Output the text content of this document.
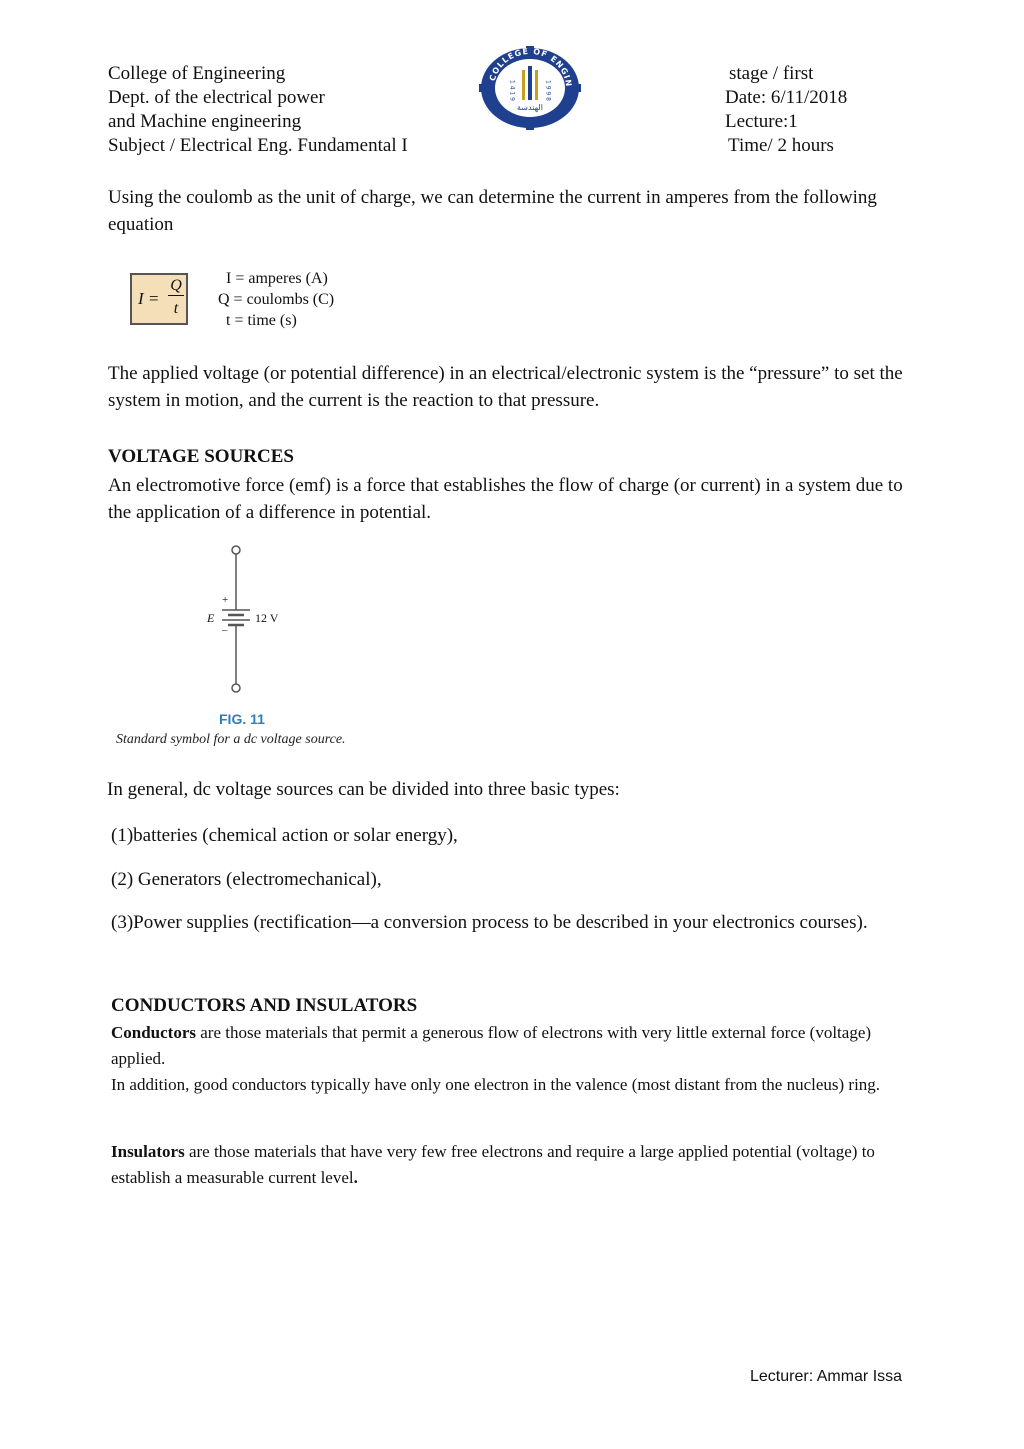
College of Engineering
Dept. of the electrical power
and Machine engineering
Subject / Electrical Eng. Fundamental I
COLLEGE OF ENGIN
1 4 1 9	1 9 9 8
الهندسة
stage / first
Date: 6/11/2018
Lecture:1
Time/ 2 hours
Using the coulomb as the unit of charge, we can determine the current in amperes from the following equation
I =
Q
t
I = amperes (A)
Q = coulombs (C)
t = time (s)
The applied voltage (or potential difference) in an electrical/electronic system is the “pressure” to set the system in motion, and the current is the reaction to that pressure.
VOLTAGE SOURCES
An electromotive force (emf) is a force that establishes the flow of charge (or current) in a system due to the application of a difference in potential.
+
E
–
12 V
FIG. 11
Standard symbol for a dc voltage source.
In general, dc voltage sources can be divided into three basic types:
(1)batteries (chemical action or solar energy),
(2) Generators (electromechanical),
(3)Power supplies (rectification—a conversion process to be described in your electronics courses).
CONDUCTORS AND INSULATORS
Conductors are those materials that permit a generous flow of electrons with very little external force (voltage) applied.
In addition, good conductors typically have only one electron in the valence (most distant from the nucleus) ring.
Insulators are those materials that have very few free electrons and require a large applied potential (voltage) to establish a measurable current level.
Lecturer: Ammar Issa
